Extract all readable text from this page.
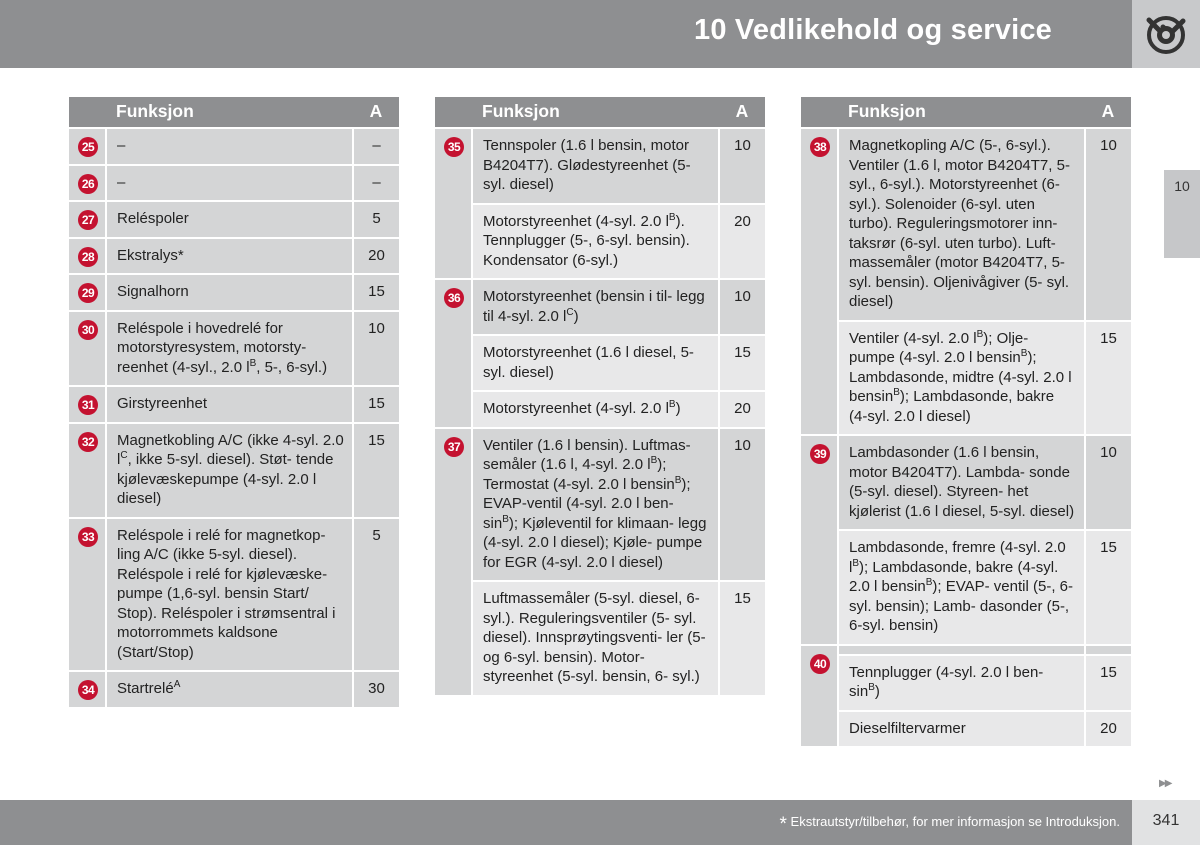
10 Vedlikehold og service
10
	Funksjon	A
25	–	–
26	–	–
27	Reléspoler	5
28	Ekstralys*	20
29	Signalhorn	15
30	Reléspole i hovedrelé for motorstyresystem, motorsty- reenhet (4-syl., 2.0 $l^B$, 5-, 6-syl.)	10
31	Girstyreenhet	15
32	Magnetkobling A/C (ikke 4-syl. 2.0 $l^C$, ikke 5-syl. diesel). Støt- tende kjølevæskepumpe (4-syl. 2.0 l diesel)	15
33	Reléspole i relé for magnetkop- ling A/C (ikke 5-syl. diesel). Reléspole i relé for kjølevæske- pumpe (1,6-syl. bensin Start/ Stop). Reléspoler i strømsentral i motorrommets kaldsone (Start/Stop)	5
34	Startrelé$^A$	30
	Funksjon	A
35	Tennspoler (1.6 l bensin, motor B4204T7). Glødestyreenhet (5- syl. diesel)	10
	Motorstyreenhet (4-syl. 2.0 $l^B$). Tennplugger (5-, 6-syl. bensin). Kondensator (6-syl.)	20
36	Motorstyreenhet (bensin i til- legg til 4-syl. 2.0 $l^C$)	10
	Motorstyreenhet (1.6 l diesel, 5-syl. diesel)	15
	Motorstyreenhet (4-syl. 2.0 $l^B$)	20
37	Ventiler (1.6 l bensin). Luftmas- semåler (1.6 l, 4-syl. 2.0 $l^B$); Termostat (4-syl. 2.0 l bensin$^B$); EVAP-ventil (4-syl. 2.0 l ben- $\sin^B$); Kjøleventil for klimaan- legg (4-syl. 2.0 l diesel); Kjøle- pumpe for EGR (4-syl. 2.0 l diesel)	10
	Luftmassemåler (5-syl. diesel, 6-syl.). Reguleringsventiler (5- syl. diesel). Innsprøytingsventi- ler (5- og 6-syl. bensin). Motor- styreenhet (5-syl. bensin, 6- syl.)	15
	Funksjon	A
38	Magnetkopling A/C (5-, 6-syl.). Ventiler (1.6 l, motor B4204T7, 5-syl., 6-syl.). Motorstyreenhet (6-syl.). Solenoider (6-syl. uten turbo). Reguleringsmotorer inn- taksrør (6-syl. uten turbo). Luft- massemåler (motor B4204T7, 5-syl. bensin). Oljenivågiver (5- syl. diesel)	10
	Ventiler (4-syl. 2.0 $l^B$); Olje- pumpe (4-syl. 2.0 l bensin$^B$); Lambdasonde, midtre (4-syl. 2.0 l bensin$^B$); Lambdasonde, bakre (4-syl. 2.0 l diesel)	15
39	Lambdasonder (1.6 l bensin, motor B4204T7). Lambda- sonde (5-syl. diesel). Styreen- het kjølerist (1.6 l diesel, 5-syl. diesel)	10
	Lambdasonde, fremre (4-syl. 2.0 $l^B$); Lambdasonde, bakre (4-syl. 2.0 l bensin$^B$); EVAP- ventil (5-, 6-syl. bensin); Lamb- dasonder (5-, 6-syl. bensin)	15
40		
	Tennplugger (4-syl. 2.0 l ben- $\sin^B$)	15
	Dieselfiltervarmer	20
▶▶
* Ekstrautstyr/tilbehør, for mer informasjon se Introduksjon.	341
